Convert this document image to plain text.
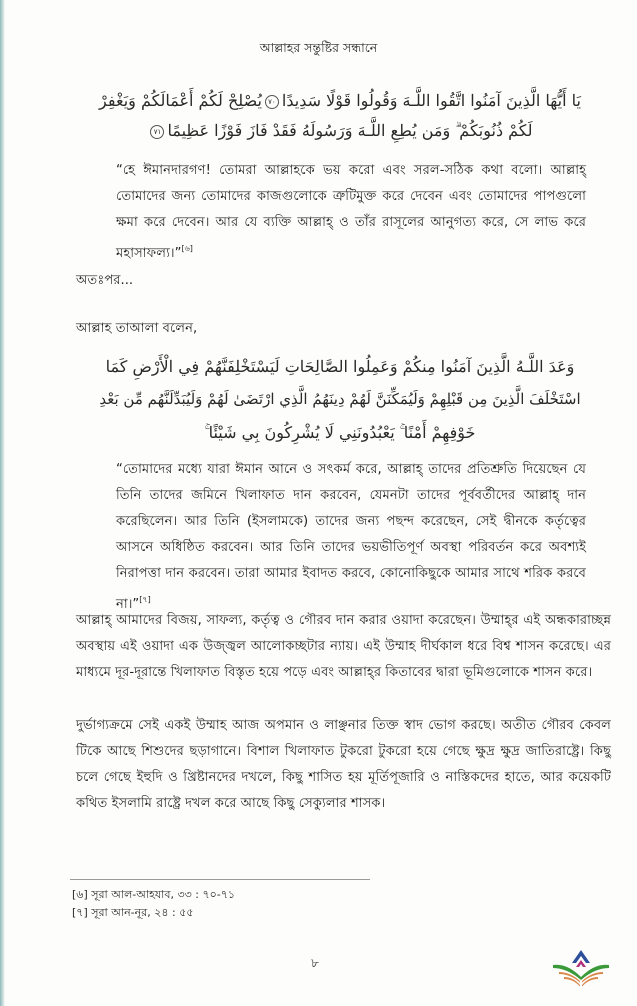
আল্লাহর সন্তুষ্টির সন্ধানে
يَا أَيُّهَا الَّذِينَ آمَنُوا اتَّقُوا اللَّـهَ وَقُولُوا قَوْلًا سَدِيدًا٧٠يُصْلِحْ لَكُمْ أَعْمَالَكُمْ وَيَغْفِرْ
لَكُمْ ذُنُوبَكُمْ ۗ وَمَن يُطِعِ اللَّـهَ وَرَسُولَهُ فَقَدْ فَازَ فَوْزًا عَظِيمًا٧١
“হে ঈমানদারগণ! তোমরা আল্লাহকে ভয় করো এবং সরল-সঠিক কথা বলো। আল্লাহ্ তোমাদের জন্য তোমাদের কাজগুলোকে ত্রুটিমুক্ত করে দেবেন এবং তোমাদের পাপগুলো ক্ষমা করে দেবেন। আর যে ব্যক্তি আল্লাহ্ ও তাঁর রাসূলের আনুগত্য করে, সে লাভ করে মহাসাফল্য।”[৬]
অতঃপর...
আল্লাহ তাআলা বলেন,
وَعَدَ اللَّـهُ الَّذِينَ آمَنُوا مِنكُمْ وَعَمِلُوا الصَّالِحَاتِ لَيَسْتَخْلِفَنَّهُمْ فِي الْأَرْضِ كَمَا
اسْتَخْلَفَ الَّذِينَ مِن قَبْلِهِمْ وَلَيُمَكِّنَنَّ لَهُمْ دِينَهُمُ الَّذِي ارْتَضَىٰ لَهُمْ وَلَيُبَدِّلَنَّهُم مِّن بَعْدِ
خَوْفِهِمْ أَمْنًا ۚ يَعْبُدُونَنِي لَا يُشْرِكُونَ بِي شَيْئًا ۚ
“তোমাদের মধ্যে যারা ঈমান আনে ও সৎকর্ম করে, আল্লাহ্ তাদের প্রতিশ্রুতি দিয়েছেন যে তিনি তাদের জমিনে খিলাফাত দান করবেন, যেমনটা তাদের পূর্ববর্তীদের আল্লাহ্ দান করেছিলেন। আর তিনি (ইসলামকে) তাদের জন্য পছন্দ করেছেন, সেই দ্বীনকে কর্তৃত্বের আসনে অধিষ্ঠিত করবেন। আর তিনি তাদের ভয়ভীতিপূর্ণ অবস্থা পরিবর্তন করে অবশ্যই নিরাপত্তা দান করবেন। তারা আমার ইবাদত করবে, কোনোকিছুকে আমার সাথে শরিক করবে না।”[৭]
আল্লাহ্ আমাদের বিজয়, সাফল্য, কর্তৃত্ব ও গৌরব দান করার ওয়াদা করেছেন। উম্মাহ্‌র এই অন্ধকারাচ্ছন্ন অবস্থায় এই ওয়াদা এক উজ্জ্বল আলোকচ্ছটার ন্যায়। এই উম্মাহ দীর্ঘকাল ধরে বিশ্ব শাসন করেছে। এর মাধ্যমে দূর-দূরান্তে খিলাফাত বিস্তৃত হয়ে পড়ে এবং আল্লাহ্‌র কিতাবের দ্বারা ভূমিগুলোকে শাসন করে।
দুর্ভাগ্যক্রমে সেই একই উম্মাহ আজ অপমান ও লাঞ্ছনার তিক্ত স্বাদ ভোগ করছে। অতীত গৌরব কেবল টিকে আছে শিশুদের ছড়াগানে। বিশাল খিলাফাত টুকরো টুকরো হয়ে গেছে ক্ষুদ্র ক্ষুদ্র জাতিরাষ্ট্রে। কিছু চলে গেছে ইহুদি ও খ্রিষ্টানদের দখলে, কিছু শাসিত হয় মূর্তিপূজারি ও নাস্তিকদের হাতে, আর কয়েকটি কথিত ইসলামি রাষ্ট্রে দখল করে আছে কিছু সেক্যুলার শাসক।
[৬] সূরা আল-আহযাব, ৩৩ : ৭০-৭১
[৭] সূরা আন-নূর, ২৪ : ৫৫
৮
